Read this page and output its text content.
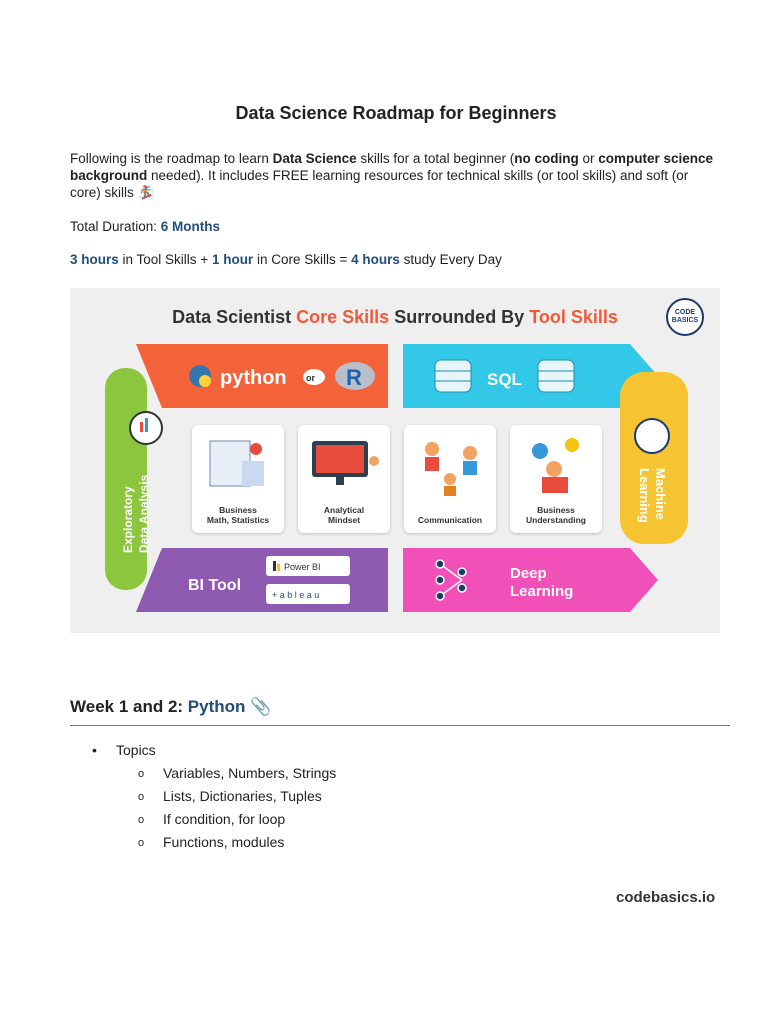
Data Science Roadmap for Beginners
Following is the roadmap to learn Data Science skills for a total beginner (no coding or computer science background needed). It includes FREE learning resources for technical skills (or tool skills) and soft (or core) skills 🏂
Total Duration: 6 Months
3 hours in Tool Skills + 1 hour in Core Skills = 4 hours study Every Day
Data Scientist Core Skills Surrounded By Tool Skills	CODE BASICS
python or R	SQL
Exploratory Data Analysis	Machine
Learning
BI Tool
Power BI
+ a b l e a u
Deep
Learning
Business
Math, Statistics
Analytical
Mindset	Communication
Business
Understanding
Week 1 and 2: Python 📎
• Topics
o Variables, Numbers, Strings
o Lists, Dictionaries, Tuples
o If condition, for loop
o Functions, modules
codebasics.io
